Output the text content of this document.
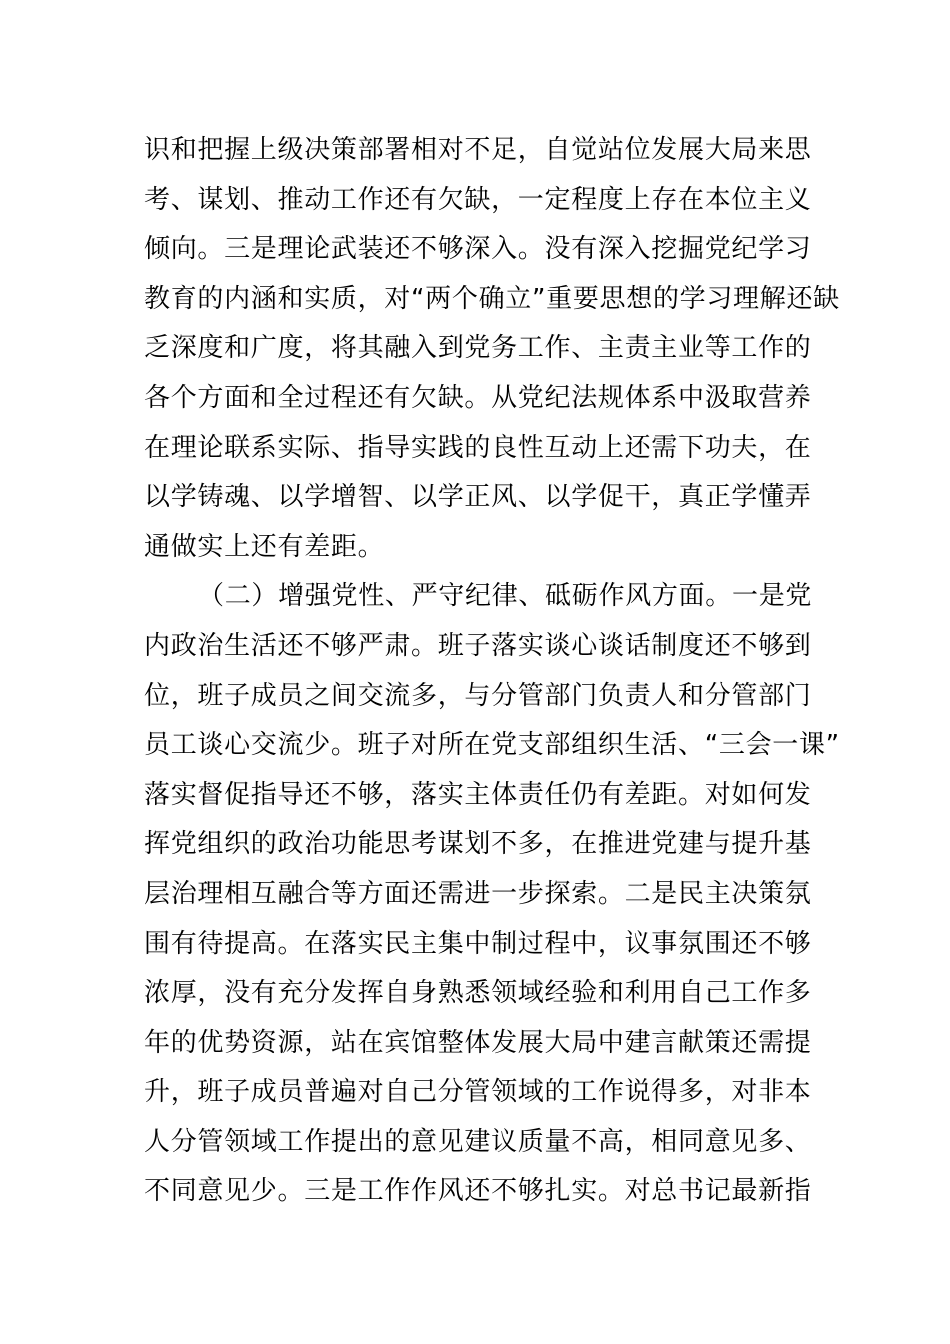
识和把握上级决策部署相对不足，自觉站位发展大局来思
考、谋划、推动工作还有欠缺，一定程度上存在本位主义
倾向。三是理论武装还不够深入。没有深入挖掘党纪学习
教育的内涵和实质，对“两个确立”重要思想的学习理解还缺
乏深度和广度，将其融入到党务工作、主责主业等工作的
各个方面和全过程还有欠缺。从党纪法规体系中汲取营养
在理论联系实际、指导实践的良性互动上还需下功夫，在
以学铸魂、以学增智、以学正风、以学促干，真正学懂弄
通做实上还有差距。
（二）增强党性、严守纪律、砥砺作风方面。一是党
内政治生活还不够严肃。班子落实谈心谈话制度还不够到
位，班子成员之间交流多，与分管部门负责人和分管部门
员工谈心交流少。班子对所在党支部组织生活、“三会一课”
落实督促指导还不够，落实主体责任仍有差距。对如何发
挥党组织的政治功能思考谋划不多，在推进党建与提升基
层治理相互融合等方面还需进一步探索。二是民主决策氛
围有待提高。在落实民主集中制过程中，议事氛围还不够
浓厚，没有充分发挥自身熟悉领域经验和利用自己工作多
年的优势资源，站在宾馆整体发展大局中建言献策还需提
升，班子成员普遍对自己分管领域的工作说得多，对非本
人分管领域工作提出的意见建议质量不高，相同意见多、
不同意见少。三是工作作风还不够扎实。对总书记最新指
